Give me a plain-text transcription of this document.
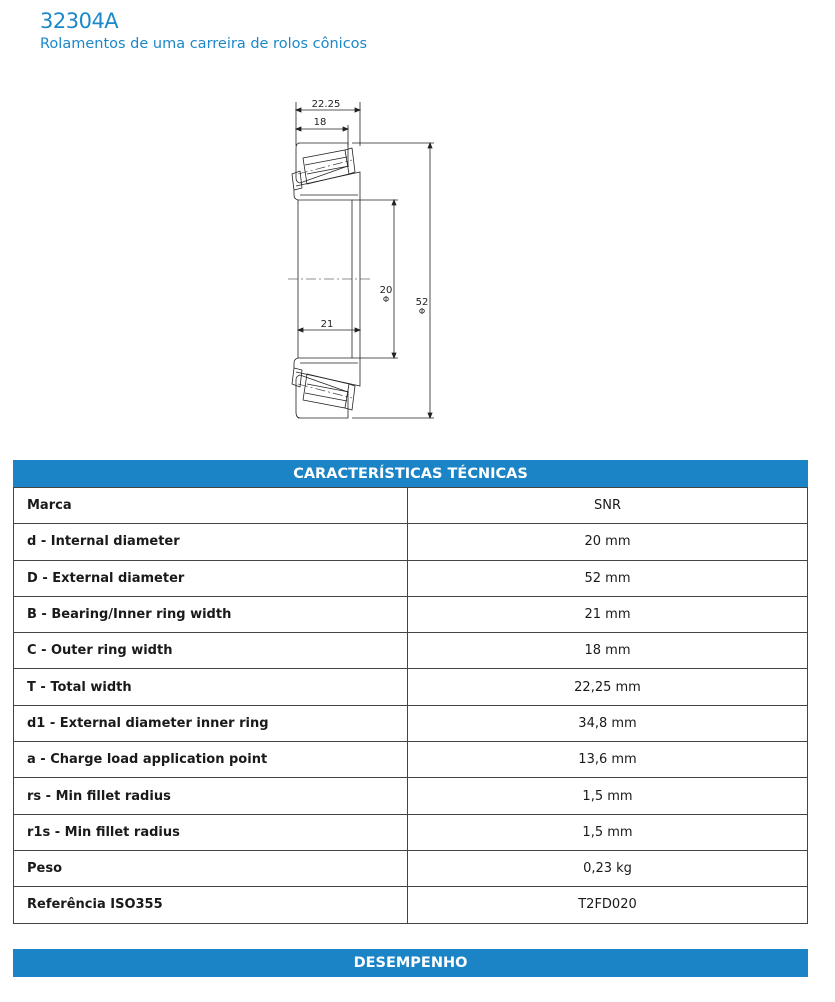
32304A
Rolamentos de uma carreira de rolos cônicos
22.25
18
21
20
Φ	52
Φ
CARACTERÍSTICAS TÉCNICAS
Marca	SNR
d - Internal diameter	20 mm
D - External diameter	52 mm
B - Bearing/Inner ring width	21 mm
C - Outer ring width	18 mm
T - Total width	22,25 mm
d1 - External diameter inner ring	34,8 mm
a - Charge load application point	13,6 mm
rs - Min fillet radius	1,5 mm
r1s - Min fillet radius	1,5 mm
Peso	0,23 kg
Referência ISO355	T2FD020
DESEMPENHO
